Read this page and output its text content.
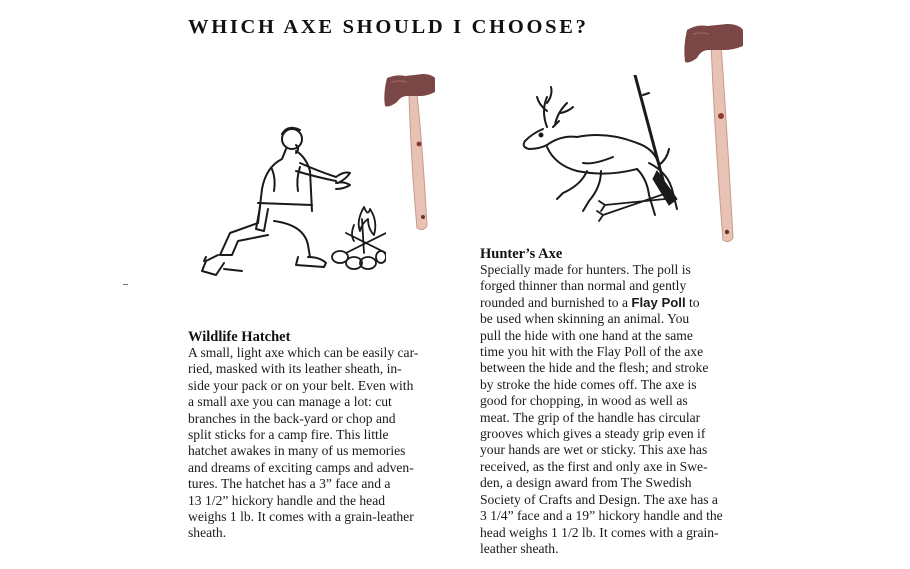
WHICH AXE SHOULD I CHOOSE?
Wildlife Hatchet

A small, light axe which can be easily car-

ried, masked with its leather sheath, in-

side your pack or on your belt. Even with

a small axe you can manage a lot: cut

branches in the back-yard or chop and

split sticks for a camp fire. This little

hatchet awakes in many of us memories

and dreams of exciting camps and adven-

tures. The hatchet has a 3” face and a

13 1/2” hickory handle and the head

weighs 1 lb. It comes with a grain-leather

sheath.

Hunter’s Axe

Specially made for hunters. The poll is

forged thinner than normal and gently

rounded and burnished to a Flay Poll to

be used when skinning an animal. You

pull the hide with one hand at the same

time you hit with the Flay Poll of the axe

between the hide and the flesh; and stroke

by stroke the hide comes off. The axe is

good for chopping, in wood as well as

meat. The grip of the handle has circular

grooves which gives a steady grip even if

your hands are wet or sticky. This axe has

received, as the first and only axe in Swe-

den, a design award from The Swedish

Society of Crafts and Design. The axe has a

3 1/4” face and a 19” hickory handle and the

head weighs 1 1/2 lb. It comes with a grain-

leather sheath.
